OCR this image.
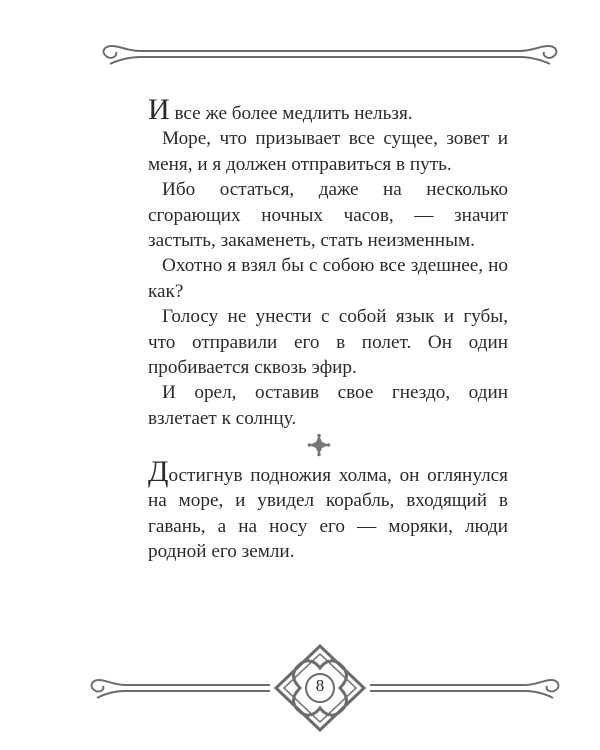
И все же более медлить нельзя.

Море, что призывает все сущее, зовет и меня, и я должен отправиться в путь.

Ибо остаться, даже на несколько сгорающих ночных часов, — значит застыть, закаменеть, стать неизменным.

Охотно я взял бы с собою все здешнее, но как?

Голосу не унести с собой язык и губы, что отправили его в полет. Он один пробивается сквозь эфир.

И орел, оставив свое гнездо, один взлетает к солнцу.

Достигнув подножия холма, он оглянулся на море, и увидел корабль, входящий в гавань, а на носу его — моряки, люди родной его земли.

8
